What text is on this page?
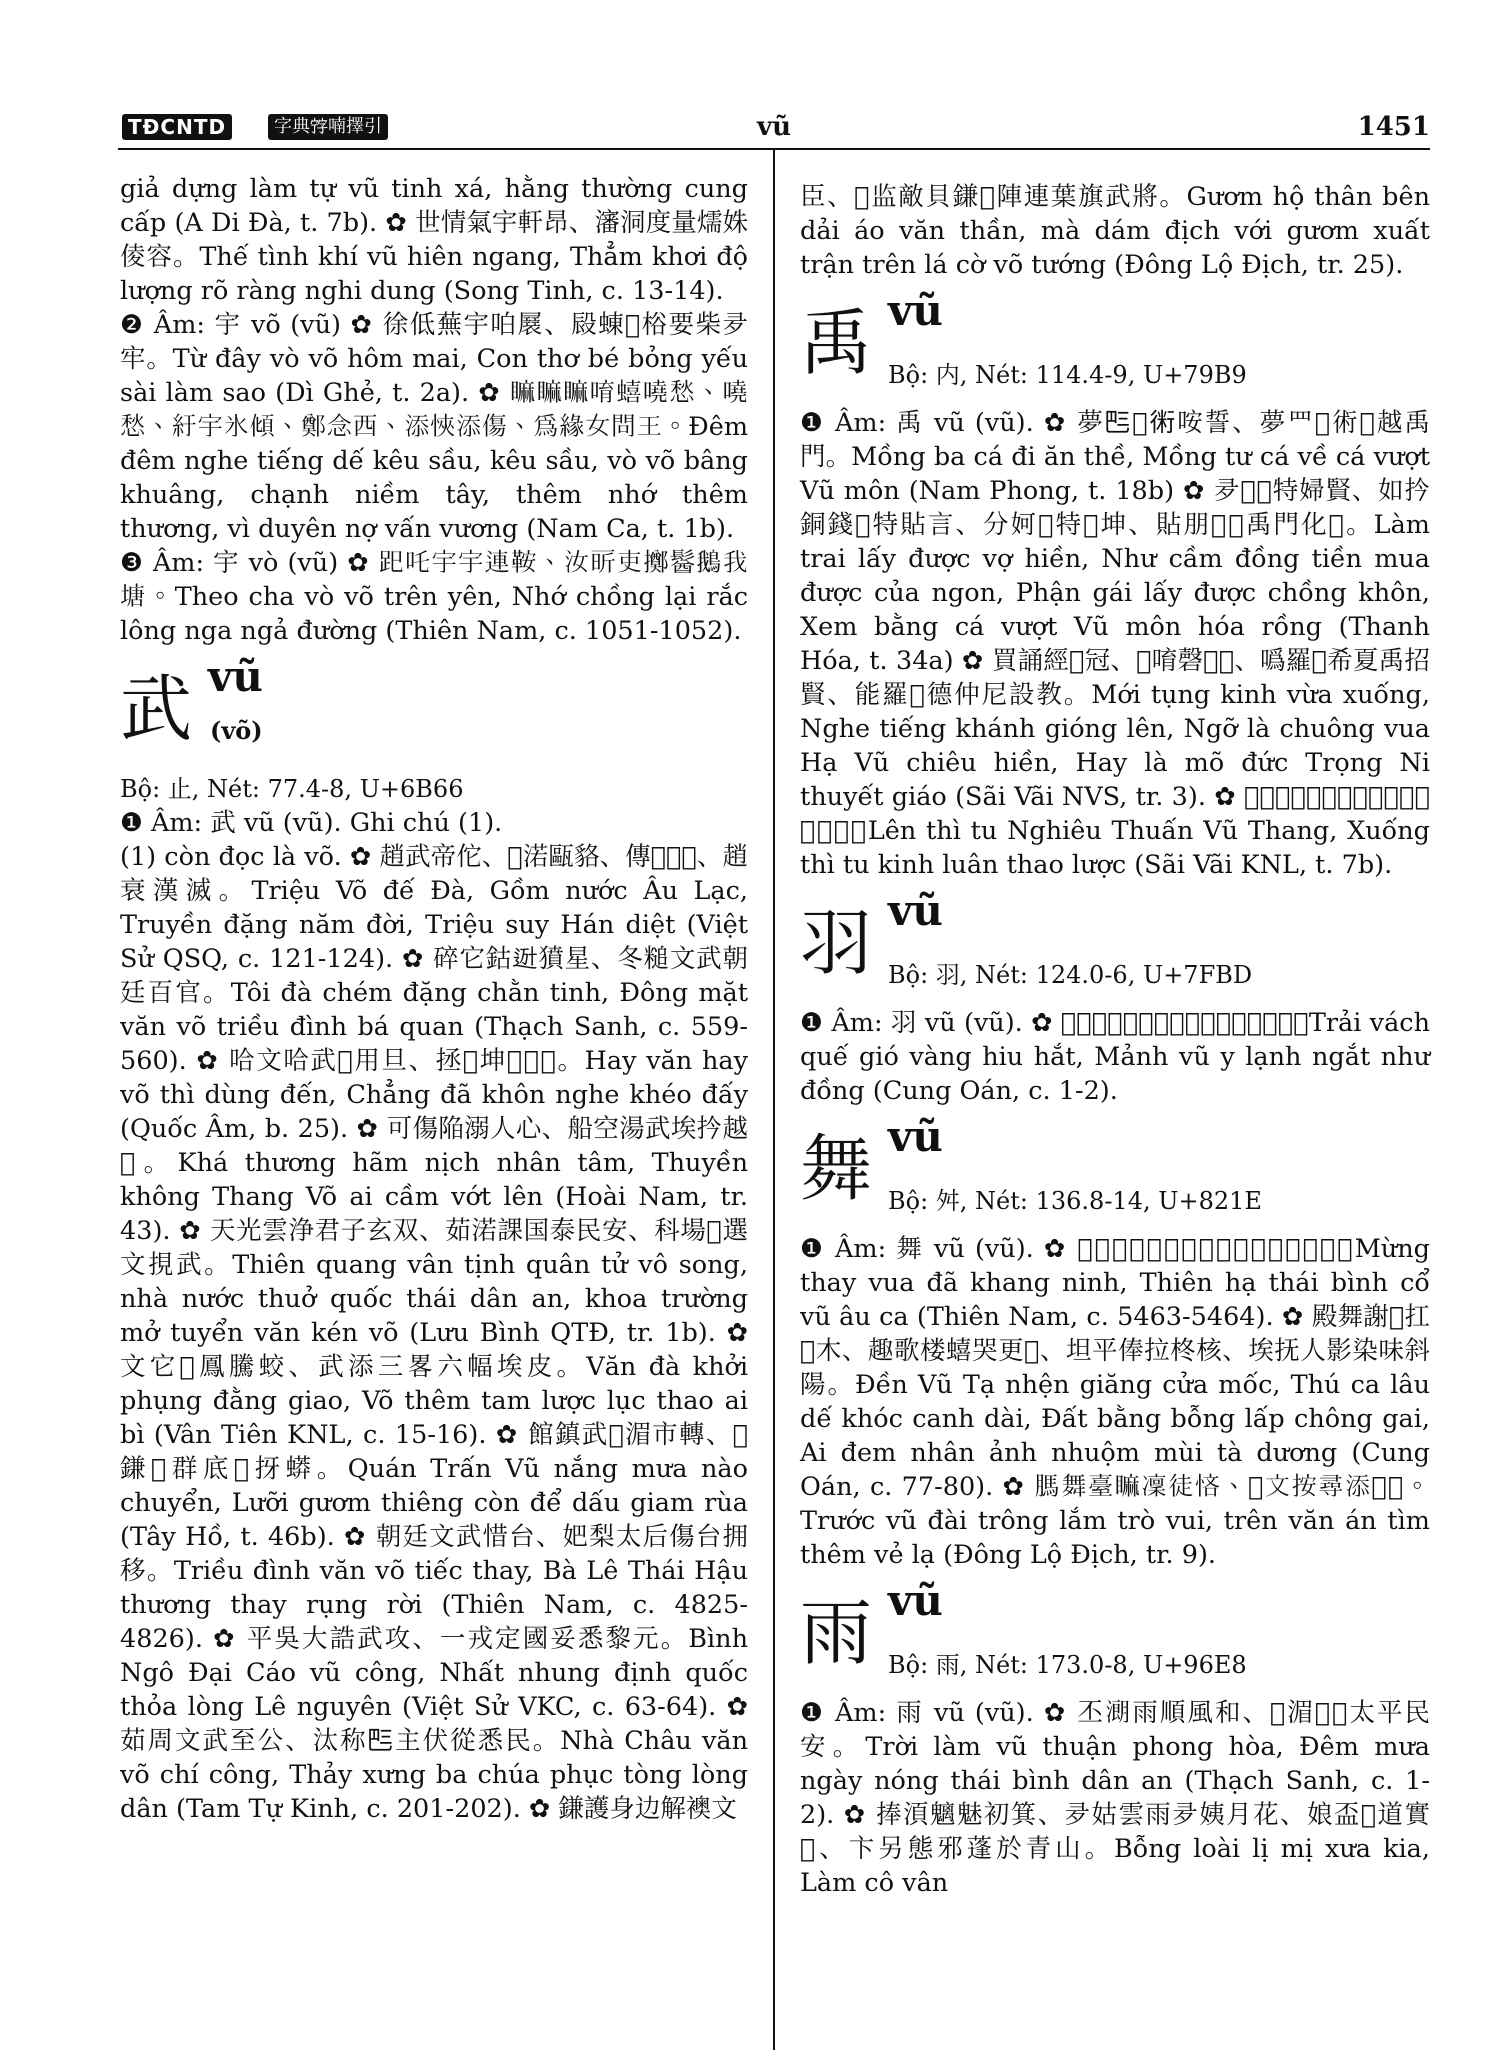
TĐCNTD	字典𡨸喃擇引	vũ	1451

giả dựng làm tự vũ tinh xá, hằng thường cung cấp (A Di Đà, t. 7b). ✿ 世情氣宇軒昂、瀋洞度量燸姝倰容。Thế tình khí vũ hiên ngang, Thẳm khơi độ lượng rõ ràng nghi dung (Song Tinh, c. 13-14).

❷ Âm: 宇 võ (vũ) ✿ 徐低蕪宇㕷㞡、㲀蝀𠂶㭲要柴夛牢。Từ đây vò võ hôm mai, Con thơ bé bỏng yếu sài làm sao (Dì Ghẻ, t. 2a). ✿ 𥊚𥊚𥊚唷蟢嘵愁、嘵愁、紆宇氷傾、鄭念西、添悏添傷、為緣女問王。Đêm đêm nghe tiếng dế kêu sầu, kêu sầu, vò võ bâng khuâng, chạnh niềm tây, thêm nhớ thêm thương, vì duyên nợ vấn vương (Nam Ca, t. 1b).

❸ Âm: 宇 vò (vũ) ✿ 𧿆吒宇宇連鞍、汝㪽吏擲𩮈鵝我塘。Theo cha vò võ trên yên, Nhớ chồng lại rắc lông nga ngả đường (Thiên Nam, c. 1051-1052).

武 vũ
(võ)

Bộ: 止, Nét: 77.4-8, U+6B66

❶ Âm: 武 vũ (vũ). Ghi chú (1).

(1) còn đọc là võ. ✿ 趙武帝佗、𨆝渃甌貉、傳𠬠𢁋𦵚、趙衰漢滅。Triệu Võ đế Đà, Gồm nước Âu Lạc, Truyền đặng năm đời, Triệu suy Hán diệt (Việt Sử QSQ, c. 121-124). ✿ 碎它鈷𨒒獖星、冬䊚文武朝廷百官。Tôi đà chém đặng chằn tinh, Đông mặt văn võ triều đình bá quan (Thạch Sanh, c. 559-560). ✿ 哈文哈武𠹾用旦、拯𠱊坤𥊚𡮍𡮈。Hay văn hay võ thì dùng đến, Chẳng đã khôn nghe khéo đấy (Quốc Âm, b. 25). ✿ 可傷陥溺人心、船空湯武埃扲越𨖲。Khá thương hãm nịch nhân tâm, Thuyền không Thang Võ ai cầm vớt lên (Hoài Nam, tr. 43). ✿ 天光雲浄君子玄双、茹渃課国泰民安、科場𢴏選文挸武。Thiên quang vân tịnh quân tử vô song, nhà nước thuở quốc thái dân an, khoa trường mở tuyển văn kén võ (Lưu Bình QTĐ, tr. 1b). ✿ 文它𧼌鳳騰蛟、武添三畧六幅埃皮。Văn đà khởi phụng đằng giao, Võ thêm tam lược lục thao ai bì (Vân Tiên KNL, c. 15-16). ✿ 館鎮武𤈜湄市轉、𦀼鎌𡏧群底𨀈㧎蟒。Quán Trấn Vũ nắng mưa nào chuyển, Lưỡi gươm thiêng còn để dấu giam rùa (Tây Hồ, t. 46b). ✿ 朝廷文武惜台、妑梨太后傷台拥移。Triều đình văn võ tiếc thay, Bà Lê Thái Hậu thương thay rụng rời (Thiên Nam, c. 4825-4826). ✿ 平吳大誥武攻、一戎定國妥悉黎元。Bình Ngô Đại Cáo vũ công, Nhất nhung định quốc thỏa lòng Lê nguyên (Việt Sử VKC, c. 63-64). ✿ 茹周文武至公、汰称𠀧主伏從悉民。Nhà Châu văn võ chí công, Thảy xưng ba chúa phục tòng lòng dân (Tam Tự Kinh, c. 201-202). ✿ 鎌護身边解襖文

臣、𢴑监敵貝鎌𡧲陣連葉旗武將。Gươm hộ thân bên dải áo văn thần, mà dám địch với gươm xuất trận trên lá cờ võ tướng (Đông Lộ Địch, tr. 25).

禹 vũ
Bộ: 内, Nét: 114.4-9, U+79B9

❶ Âm: 禹 vũ (vũ). ✿ 夢𠀧𠂶𧗱咹誓、夢罒𠂶術𠂶越禹門。Mồng ba cá đi ăn thề, Mồng tư cá về cá vượt Vũ môn (Nam Phong, t. 18b) ✿ 夛𦓿𥙩特婦賢、如扲銅錢𧷸特貼言、分妸𥙩特𪝬坤、貼朋𠂶𧼋禹門化𧍰。Làm trai lấy được vợ hiền, Như cầm đồng tiền mua được của ngon, Phận gái lấy được chồng khôn, Xem bằng cá vượt Vũ môn hóa rồng (Thanh Hóa, t. 34a) ✿ 買誦經𧷺冠、𥊚唷磬𢹣𨖲、噅羅𠂵希夏禹招賢、能羅𠤆德仲尼設教。Mới tụng kinh vừa xuống, Nghe tiếng khánh gióng lên, Ngỡ là chuông vua Hạ Vũ chiêu hiền, Hay là mõ đức Trọng Ni thuyết giáo (Sãi Vãi NVS, tr. 3). ✿ 𨖲時修堯舜禹湯、冠時修經綸韜畧。Lên thì tu Nghiêu Thuấn Vũ Thang, Xuống thì tu kinh luân thao lược (Sãi Vãi KNL, t. 7b).

羽 vũ
Bộ: 羽, Nét: 124.0-6, U+7FBD

❶ Âm: 羽 vũ (vũ). ✿ 𢬣壁桂𩂀鑕𩈘訖、𤄶羽衣冷汔如銅。Trải vách quế gió vàng hiu hắt, Mảnh vũ y lạnh ngắt như đồng (Cung Oán, c. 1-2).

舞 vũ
Bộ: 舛, Nét: 136.8-14, U+821E

❶ Âm: 舞 vũ (vũ). ✿ 𢝙台希𠱊康寧、天下太平鼓舞謳歌。Mừng thay vua đã khang ninh, Thiên hạ thái bình cổ vũ âu ca (Thiên Nam, c. 5463-5464). ✿ 殿舞謝𧋆扛𦊚木、趣歌楼蟢哭更𨱽、坦平俸拉柊核、埃抚人影染味斜陽。Đền Vũ Tạ nhện giăng cửa mốc, Thú ca lâu dế khóc canh dài, Đất bằng bỗng lấp chông gai, Ai đem nhân ảnh nhuộm mùi tà dương (Cung Oán, c. 77-80). ✿ 𦟐舞臺𥊚凜徒悋、𨖲文按尋添𨓡𦏓。Trước vũ đài trông lắm trò vui, trên văn án tìm thêm vẻ lạ (Đông Lộ Địch, tr. 9).

雨 vũ
Bộ: 雨, Nét: 173.0-8, U+96E8

❶ Âm: 雨 vũ (vũ). ✿ 丕𣼽雨順風和、𠸗湄𡗶𤈜太平民安。Trời làm vũ thuận phong hòa, Đêm mưa ngày nóng thái bình dân an (Thạch Sanh, c. 1-2). ✿ 捧湏魑魅初箕、夛姑雲雨夛姨月花、娘盃𠅍道實𦖻、卞另態邪蓬於青山。Bỗng loài lị mị xưa kia, Làm cô vân
